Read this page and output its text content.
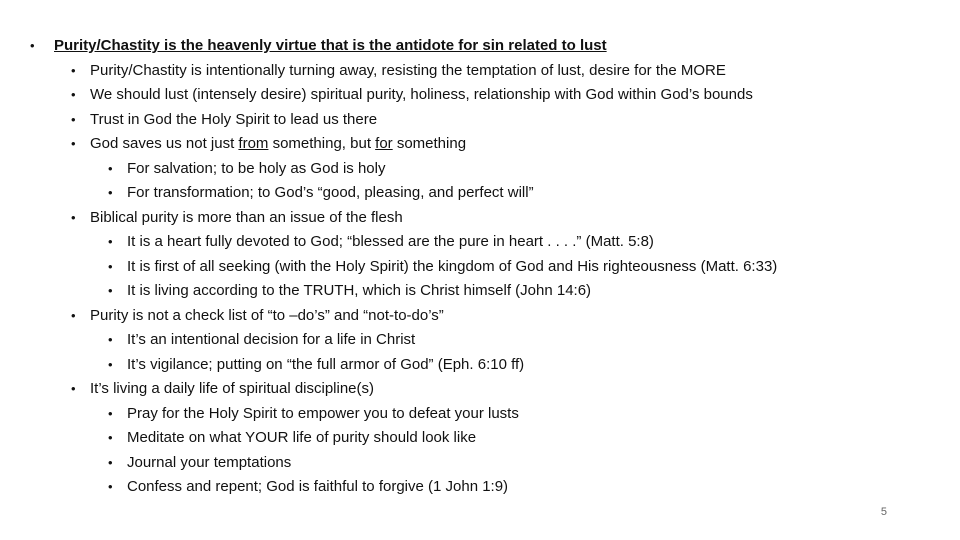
•	Purity/Chastity is the heavenly virtue that is the antidote for sin related to lust
• Purity/Chastity is intentionally turning away, resisting the temptation of lust, desire for the MORE
• We should lust (intensely desire) spiritual purity, holiness, relationship with God within God’s bounds
• Trust in God the Holy Spirit to lead us there
• God saves us not just from something, but for something
• For salvation; to be holy as God is holy
• For transformation; to God’s “good, pleasing, and perfect will”
• Biblical purity is more than an issue of the flesh
• It is a heart fully devoted to God; “blessed are the pure in heart . . . .” (Matt. 5:8)
• It is first of all seeking (with the Holy Spirit) the kingdom of God and His righteousness (Matt. 6:33)
• It is living according to the TRUTH, which is Christ himself (John 14:6)
• Purity is not a check list of “to –do’s” and “not-to-do’s”
• It’s an intentional decision for a life in Christ
• It’s vigilance; putting on “the full armor of God” (Eph. 6:10 ff)
• It’s living a daily life of spiritual discipline(s)
• Pray for the Holy Spirit to empower you to defeat your lusts
• Meditate on what YOUR life of purity should look like
• Journal your temptations
• Confess and repent; God is faithful to forgive (1 John 1:9)
5
